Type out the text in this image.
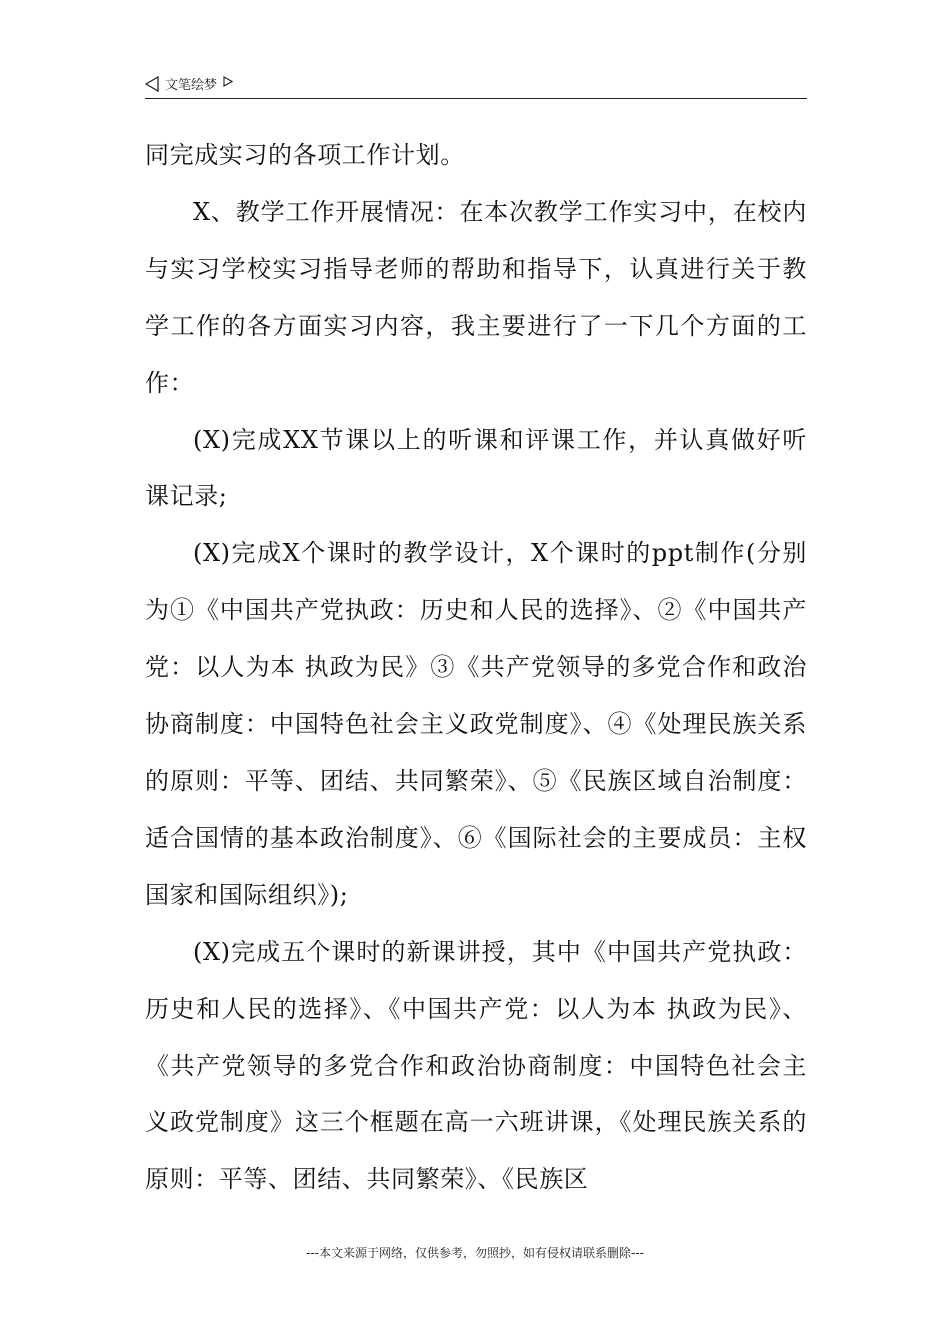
文笔绘梦

同完成实习的各项工作计划。

X、教学工作开展情况：在本次教学工作实习中，在校内与实习学校实习指导老师的帮助和指导下，认真进行关于教学工作的各方面实习内容，我主要进行了一下几个方面的工作：

(X)完成XX节课以上的听课和评课工作，并认真做好听课记录;

(X)完成X个课时的教学设计，X个课时的ppt制作(分别为①《中国共产党执政：历史和人民的选择》、②《中国共产党：以人为本 执政为民》③《共产党领导的多党合作和政治协商制度：中国特色社会主义政党制度》、④《处理民族关系的原则：平等、团结、共同繁荣》、⑤《民族区域自治制度：适合国情的基本政治制度》、⑥《国际社会的主要成员：主权国家和国际组织》);

(X)完成五个课时的新课讲授，其中《中国共产党执政：历史和人民的选择》、《中国共产党：以人为本 执政为民》、《共产党领导的多党合作和政治协商制度：中国特色社会主义政党制度》这三个框题在高一六班讲课，《处理民族关系的原则：平等、团结、共同繁荣》、《民族区

---本文来源于网络，仅供参考，勿照抄，如有侵权请联系删除---
